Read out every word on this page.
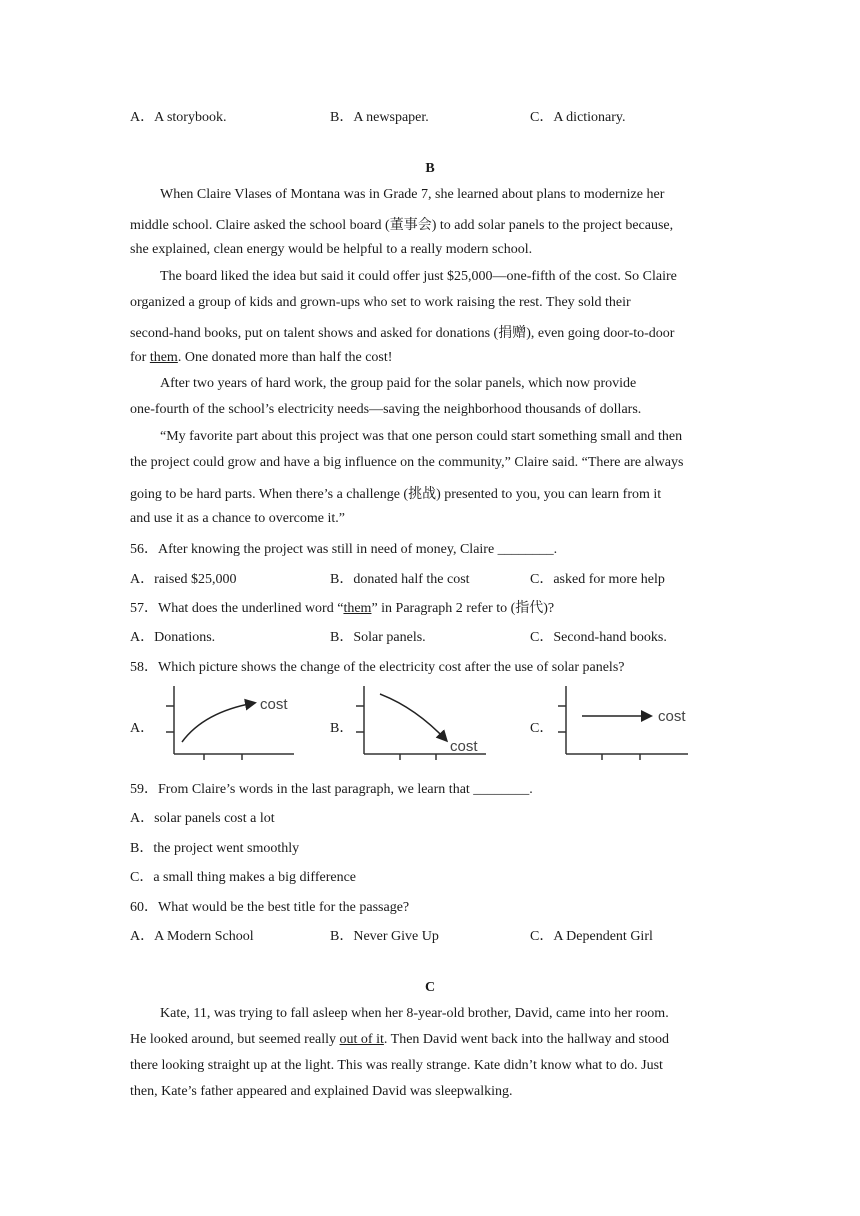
A．A storybook.	B．A newspaper.	C．A dictionary.
B
When Claire Vlases of Montana was in Grade 7, she learned about plans to modernize her
middle school. Claire asked the school board (董事会) to add solar panels to the project because,
she explained, clean energy would be helpful to a really modern school.
The board liked the idea but said it could offer just $25,000—one-fifth of the cost. So Claire
organized a group of kids and grown-ups who set to work raising the rest. They sold their
second-hand books, put on talent shows and asked for donations (捐赠), even going door-to-door
for them. One donated more than half the cost!
After two years of hard work, the group paid for the solar panels, which now provide
one-fourth of the school’s electricity needs—saving the neighborhood thousands of dollars.
“My favorite part about this project was that one person could start something small and then
the project could grow and have a big influence on the community,” Claire said. “There are always
going to be hard parts. When there’s a challenge (挑战) presented to you, you can learn from it
and use it as a chance to overcome it.”
56．After knowing the project was still in need of money, Claire ________.
A．raised $25,000	B．donated half the cost	C．asked for more help
57．What does the underlined word “them” in Paragraph 2 refer to (指代)?
A．Donations.	B．Solar panels.	C．Second-hand books.
58．Which picture shows the change of the electricity cost after the use of solar panels?
A．	B．	C．
cost
cost
cost
59．From Claire’s words in the last paragraph, we learn that ________.
A．solar panels cost a lot
B．the project went smoothly
C．a small thing makes a big difference
60．What would be the best title for the passage?
A．A Modern School	B．Never Give Up	C．A Dependent Girl
C
Kate, 11, was trying to fall asleep when her 8-year-old brother, David, came into her room.
He looked around, but seemed really out of it. Then David went back into the hallway and stood
there looking straight up at the light. This was really strange. Kate didn’t know what to do. Just
then, Kate’s father appeared and explained David was sleepwalking.
